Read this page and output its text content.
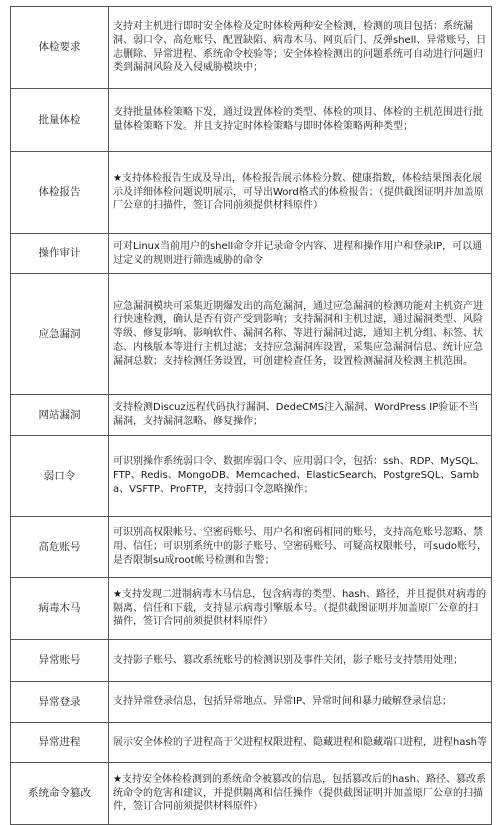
体检要求	支持对主机进行即时安全体检及定时体检两种安全检测，检测的项目包括：系统漏洞、弱口令、高危账号、配置缺陷、病毒木马、网页后门、反弹shell、异常账号、日志删除、异常进程、系统命令校验等；安全体检检测出的问题系统可自动进行问题归类到漏洞风险及入侵威胁模块中；
批量体检	支持批量体检策略下发，通过设置体检的类型、体检的项目、体检的主机范围进行批量体检策略下发。并且支持定时体检策略与即时体检策略两种类型；
体检报告	★支持体检报告生成及导出，体检报告展示体检分数、健康指数，体检结果图表化展示及详细体检问题说明展示，可导出Word格式的体检报告；（提供截图证明并加盖原厂公章的扫描件，签订合同前须提供材料原件）
操作审计	可对Linux当前用户的shell命令并记录命令内容、进程和操作用户和登录IP，可以通过定义的规则进行筛选威胁的命令
应急漏洞	应急漏洞模块可采集近期爆发出的高危漏洞，通过应急漏洞的检测功能对主机资产进行快速检测，确认是否有资产受到影响；支持漏洞和主机过滤，通过漏洞类型、风险等级、修复影响、影响软件、漏洞名称、等进行漏洞过滤，通知主机分组、标签、状态、内核版本等进行主机过滤；支持应急漏洞库设置，采集应急漏洞信息、统计应急漏洞总数；支持检测任务设置，可创建检查任务，设置检测漏洞及检测主机范围。
网站漏洞	支持检测Discuz远程代码执行漏洞、DedeCMS注入漏洞、WordPress IP验证不当漏洞，支持漏洞忽略、修复操作；
弱口令	可识别操作系统弱口令、数据库弱口令、应用弱口令，包括：ssh、RDP、MySQL、FTP、Redis、MongoDB、Memcached、ElasticSearch、PostgreSQL、Samba、VSFTP、ProFTP，支持弱口令忽略操作；
高危账号	可识别高权限帐号、空密码账号、用户名和密码相同的账号，支持高危账号忽略、禁用、信任；可识别系统中的影子账号、空密码账号、可疑高权限帐号，可sudo账号，是否限制su成root帐号检测和告警；
病毒木马	★支持发现二进制病毒木马信息，包含病毒的类型、hash、路径，并且提供对病毒的隔离、信任和下载，支持显示病毒引擎版本号。（提供截图证明并加盖原厂公章的扫描件，签订合同前须提供材料原件）
异常账号	支持影子账号、篡改系统账号的检测识别及事件关闭，影子账号支持禁用处理；
异常登录	支持异常登录信息，包括异常地点、异常IP、异常时间和暴力破解登录信息；
异常进程	展示安全体检的子进程高于父进程权限进程、隐藏进程和隐藏端口进程，进程hash等
系统命令篡改	★支持安全体检检测到的系统命令被篡改的信息，包括篡改后的hash、路径、篡改系统命令的危害和建议，并提供隔离和信任操作（提供截图证明并加盖原厂公章的扫描件，签订合同前须提供材料原件）
